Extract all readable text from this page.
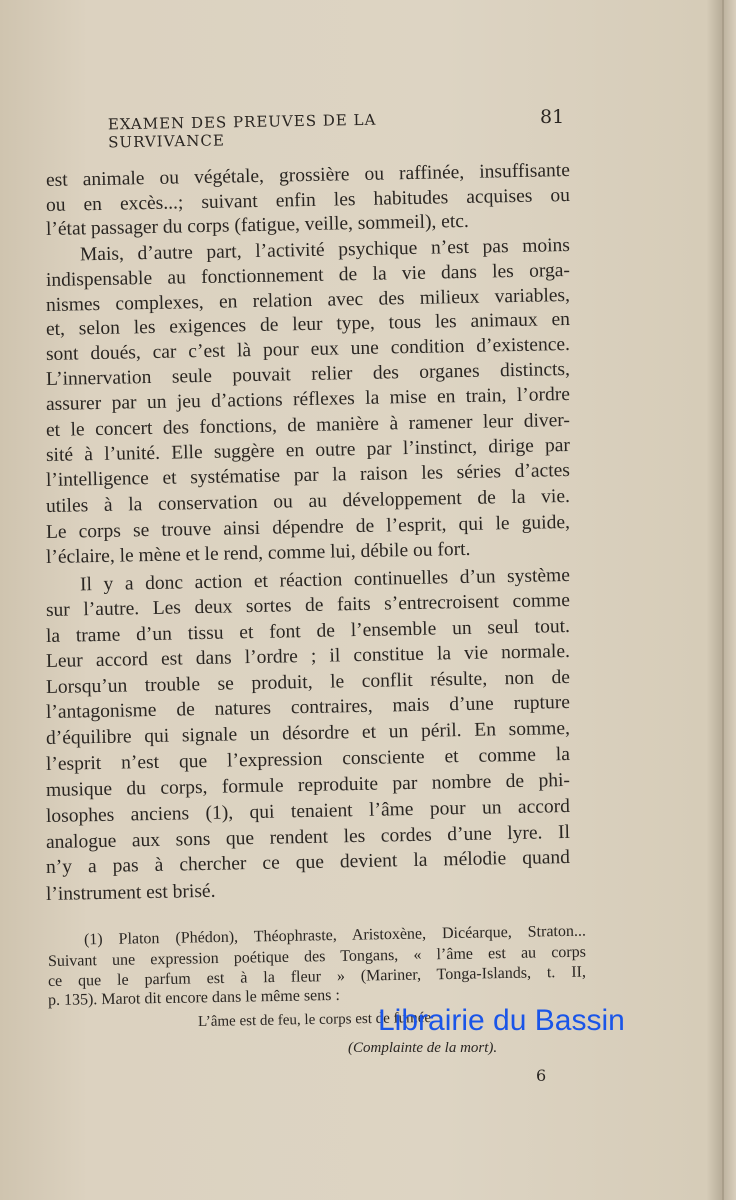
EXAMEN DES PREUVES DE LA SURVIVANCE
81
est animale ou végétale, grossière ou raffinée, insuffisante
ou en excès...; suivant enfin les habitudes acquises ou
l’état passager du corps (fatigue, veille, sommeil), etc.
Mais, d’autre part, l’activité psychique n’est pas moins
indispensable au fonctionnement de la vie dans les orga-
nismes complexes, en relation avec des milieux variables,
et, selon les exigences de leur type, tous les animaux en
sont doués, car c’est là pour eux une condition d’existence.
L’innervation seule pouvait relier des organes distincts,
assurer par un jeu d’actions réflexes la mise en train, l’ordre
et le concert des fonctions, de manière à ramener leur diver-
sité à l’unité. Elle suggère en outre par l’instinct, dirige par
l’intelligence et systématise par la raison les séries d’actes
utiles à la conservation ou au développement de la vie.
Le corps se trouve ainsi dépendre de l’esprit, qui le guide,
l’éclaire, le mène et le rend, comme lui, débile ou fort.
Il y a donc action et réaction continuelles d’un système
sur l’autre. Les deux sortes de faits s’entrecroisent comme
la trame d’un tissu et font de l’ensemble un seul tout.
Leur accord est dans l’ordre ; il constitue la vie normale.
Lorsqu’un trouble se produit, le conflit résulte, non de
l’antagonisme de natures contraires, mais d’une rupture
d’équilibre qui signale un désordre et un péril. En somme,
l’esprit n’est que l’expression consciente et comme la
musique du corps, formule reproduite par nombre de phi-
losophes anciens (1), qui tenaient l’âme pour un accord
analogue aux sons que rendent les cordes d’une lyre. Il
n’y a pas à chercher ce que devient la mélodie quand
l’instrument est brisé.
(1) Platon (Phédon), Théophraste, Aristoxène, Dicéarque, Straton...
Suivant une expression poétique des Tongans, « l’âme est au corps
ce que le parfum est à la fleur » (Mariner, Tonga-Islands, t. II,
p. 135). Marot dit encore dans le même sens :
L’âme est de feu, le corps est de fumée
(Complainte de la mort).
6
Librairie du Bassin
